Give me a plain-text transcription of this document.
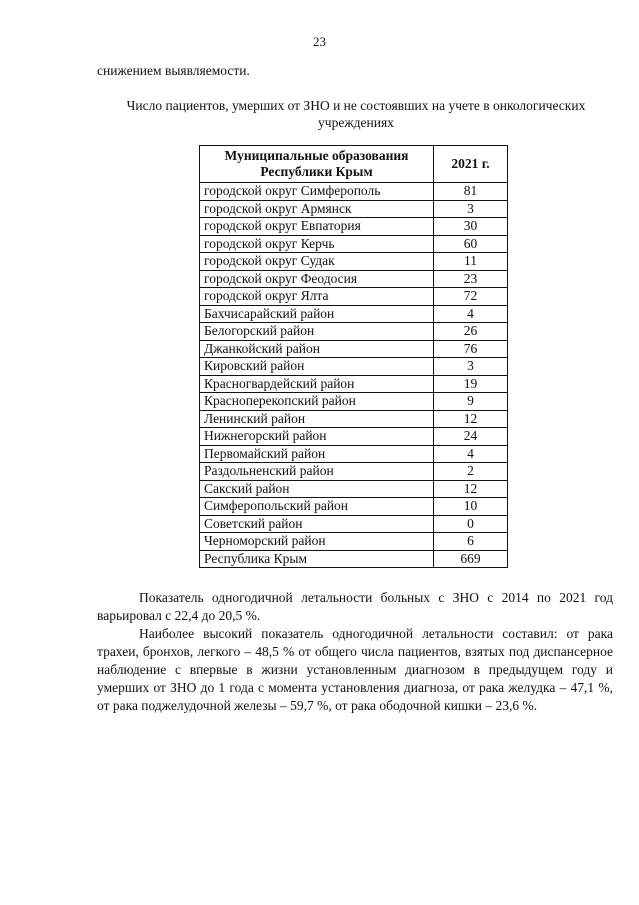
23
снижением выявляемости.
Число пациентов, умерших от ЗНО и не состоявших на учете в онкологических учреждениях
Муниципальные образования Республики Крым	2021 г.
городской округ Симферополь	81
городской округ Армянск	3
городской округ Евпатория	30
городской округ Керчь	60
городской округ Судак	11
городской округ Феодосия	23
городской округ Ялта	72
Бахчисарайский район	4
Белогорский район	26
Джанкойский район	76
Кировский район	3
Красногвардейский район	19
Красноперекопский район	9
Ленинский район	12
Нижнегорский район	24
Первомайский район	4
Раздольненский район	2
Сакский район	12
Симферопольский район	10
Советский район	0
Черноморский район	6
Республика Крым	669

Показатель одногодичной летальности больных с ЗНО с 2014 по 2021 год варьировал с 22,4 до 20,5 %.

Наиболее высокий показатель одногодичной летальности составил: от рака трахеи, бронхов, легкого – 48,5 % от общего числа пациентов, взятых под диспансерное наблюдение с впервые в жизни установленным диагнозом в предыдущем году и умерших от ЗНО до 1 года с момента установления диагноза, от рака желудка – 47,1 %, от рака поджелудочной железы – 59,7 %, от рака ободочной кишки – 23,6 %.
